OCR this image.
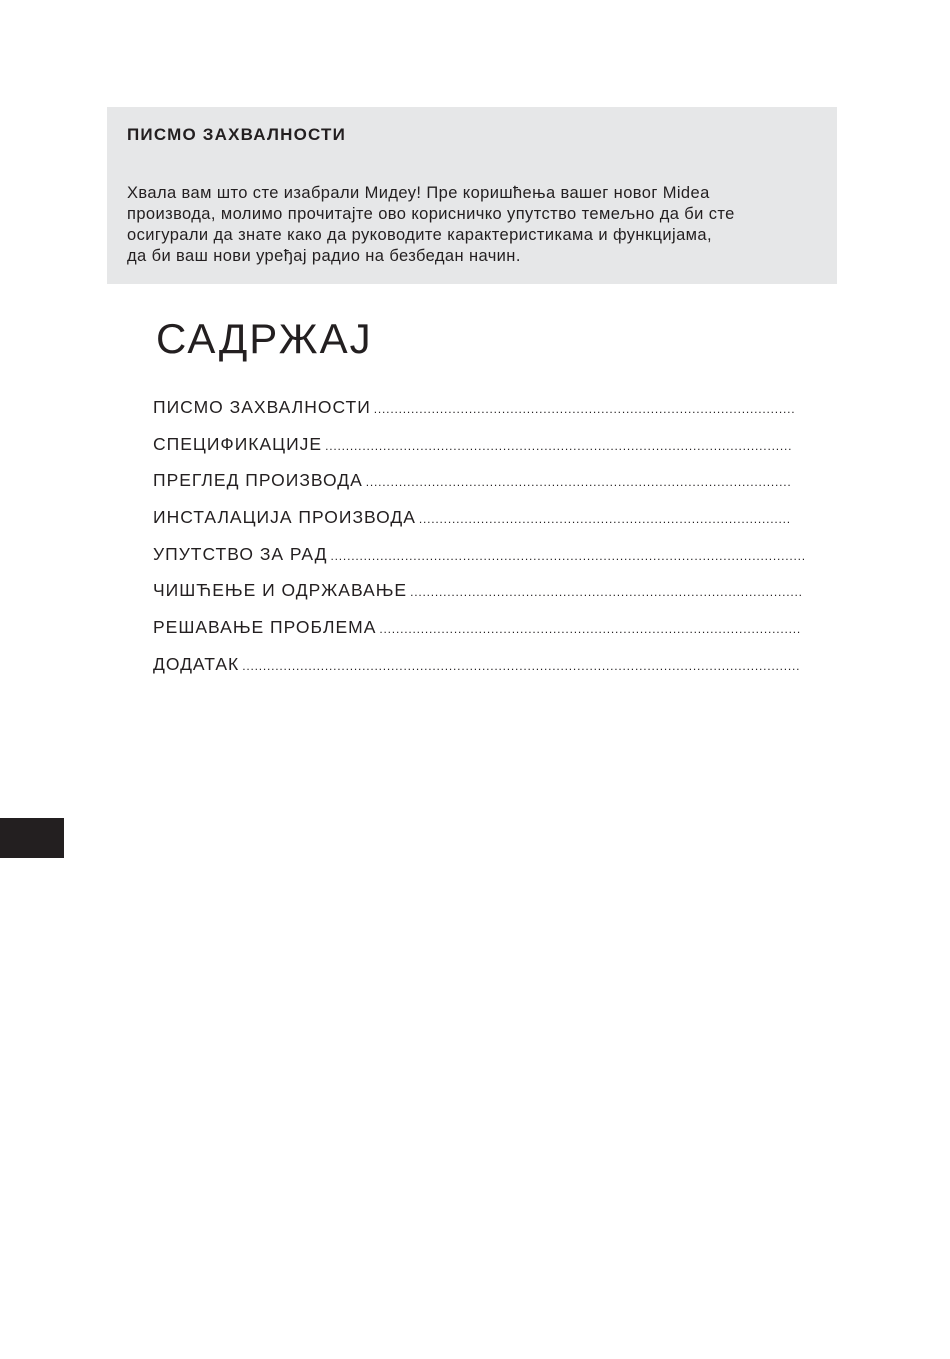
ПИСМО ЗАХВАЛНОСТИ

Хвала вам што сте изабрали Мидеу! Пре коришћења вашег новог Midea
производа, молимо прочитајте ово корисничко упутство темељно да би сте
осигурали да знате како да руководите карактеристикама и функцијама,
да би ваш нови уређај радио на безбедан начин.
САДРЖАЈ
ПИСМО ЗАХВАЛНОСТИ
.....
СПЕЦИФИКАЦИЈЕ
.....
ПРЕГЛЕД ПРОИЗВОДА
.....
ИНСТАЛАЦИЈА ПРОИЗВОДА
.....
УПУТСТВО ЗА РАД
.....
ЧИШЋЕЊЕ И ОДРЖАВАЊЕ
.....
РЕШАВАЊЕ ПРОБЛЕМА
.....
ДОДАТАК
.....
